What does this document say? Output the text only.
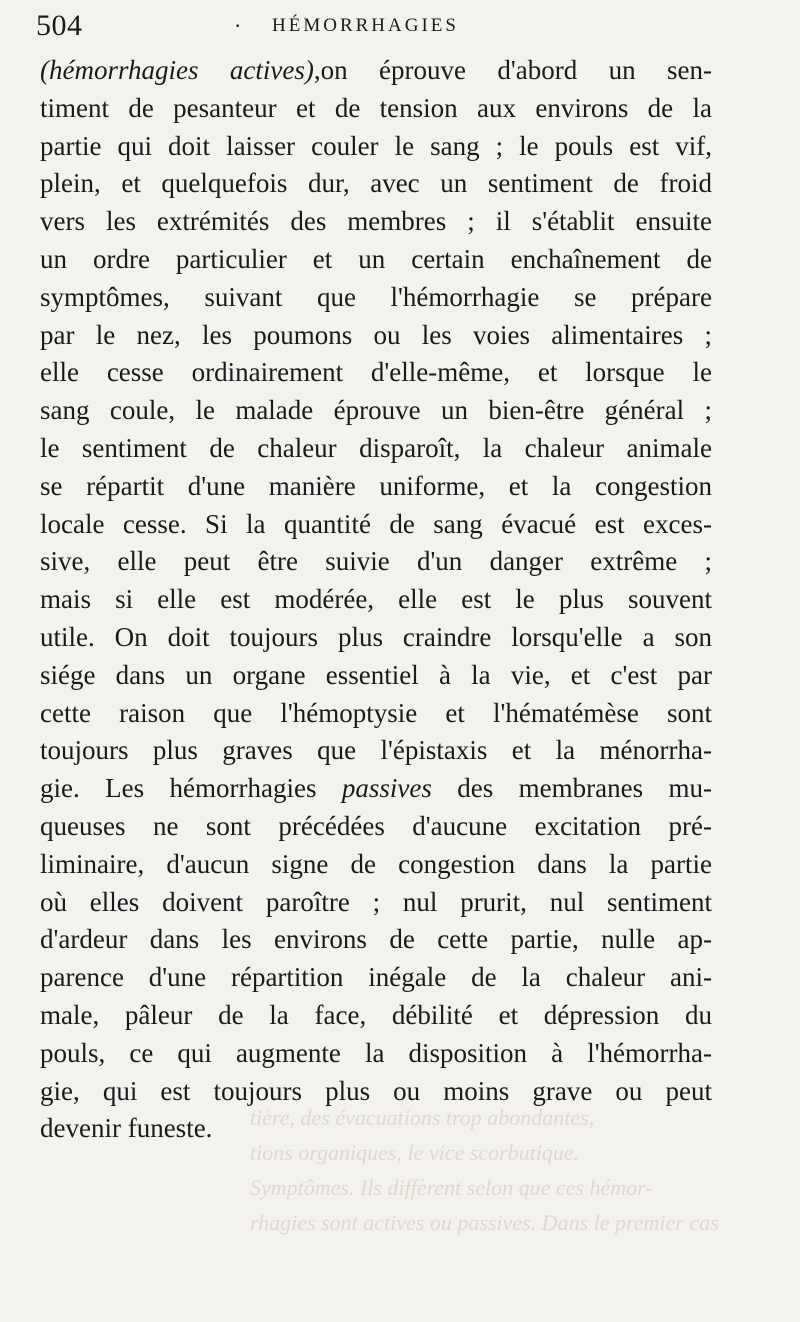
504	· HÉMORRHAGIES
tière, des évacuations trop abondantes,
tions organiques, le vice scorbutique.
Symptômes. Ils diffèrent selon que ces hémor-
rhagies sont actives ou passives. Dans le premier cas
(hémorrhagies actives),on éprouve d'abord un sen-
timent de pesanteur et de tension aux environs de la
partie qui doit laisser couler le sang ; le pouls est vif,
plein, et quelquefois dur, avec un sentiment de froid
vers les extrémités des membres ; il s'établit ensuite
un ordre particulier et un certain enchaînement de
symptômes, suivant que l'hémorrhagie se prépare
par le nez, les poumons ou les voies alimentaires ;
elle cesse ordinairement d'elle-même, et lorsque le
sang coule, le malade éprouve un bien-être général ;
le sentiment de chaleur disparoît, la chaleur animale
se répartit d'une manière uniforme, et la congestion
locale cesse. Si la quantité de sang évacué est exces-
sive, elle peut être suivie d'un danger extrême ;
mais si elle est modérée, elle est le plus souvent
utile. On doit toujours plus craindre lorsqu'elle a son
siége dans un organe essentiel à la vie, et c'est par
cette raison que l'hémoptysie et l'hématémèse sont
toujours plus graves que l'épistaxis et la ménorrha-
gie. Les hémorrhagies passives des membranes mu-
queuses ne sont précédées d'aucune excitation pré-
liminaire, d'aucun signe de congestion dans la partie
où elles doivent paroître ; nul prurit, nul sentiment
d'ardeur dans les environs de cette partie, nulle ap-
parence d'une répartition inégale de la chaleur ani-
male, pâleur de la face, débilité et dépression du
pouls, ce qui augmente la disposition à l'hémorrha-
gie, qui est toujours plus ou moins grave ou peut
devenir funeste.
